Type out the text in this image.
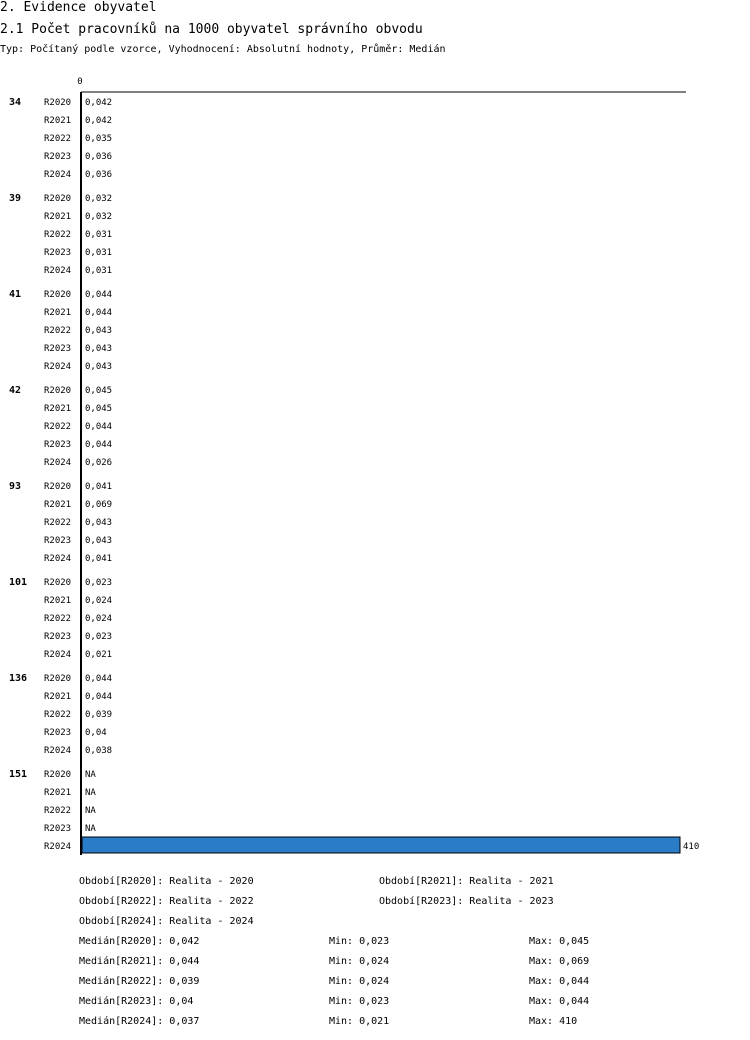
2. Evidence obyvatel
2.1 Počet pracovníků na 1000 obyvatel správního obvodu
Typ: Počítaný podle vzorce, Vyhodnocení: Absolutní hodnoty, Průměr: Medián
0
34	R2020 0,042
R2021 0,042
R2022 0,035
R2023 0,036
R2024 0,036
39	R2020 0,032
R2021 0,032
R2022 0,031
R2023 0,031
R2024 0,031
41	R2020 0,044
R2021 0,044
R2022 0,043
R2023 0,043
R2024 0,043
42	R2020 0,045
R2021 0,045
R2022 0,044
R2023 0,044
R2024 0,026
93	R2020 0,041
R2021 0,069
R2022 0,043
R2023 0,043
R2024 0,041
101 R2020 0,023
R2021 0,024
R2022 0,024
R2023 0,023
R2024 0,021
136 R2020 0,044
R2021 0,044
R2022 0,039
R2023 0,04
R2024 0,038
151 R2020 NA
R2021 NA
R2022 NA
R2023 NA
R2024	410
Období[R2020]: Realita - 2020	Období[R2021]: Realita - 2021
Období[R2022]: Realita - 2022	Období[R2023]: Realita - 2023
Období[R2024]: Realita - 2024
Medián[R2020]: 0,042	Min: 0,023	Max: 0,045
Medián[R2021]: 0,044	Min: 0,024	Max: 0,069
Medián[R2022]: 0,039	Min: 0,024	Max: 0,044
Medián[R2023]: 0,04	Min: 0,023	Max: 0,044
Medián[R2024]: 0,037	Min: 0,021	Max: 410
